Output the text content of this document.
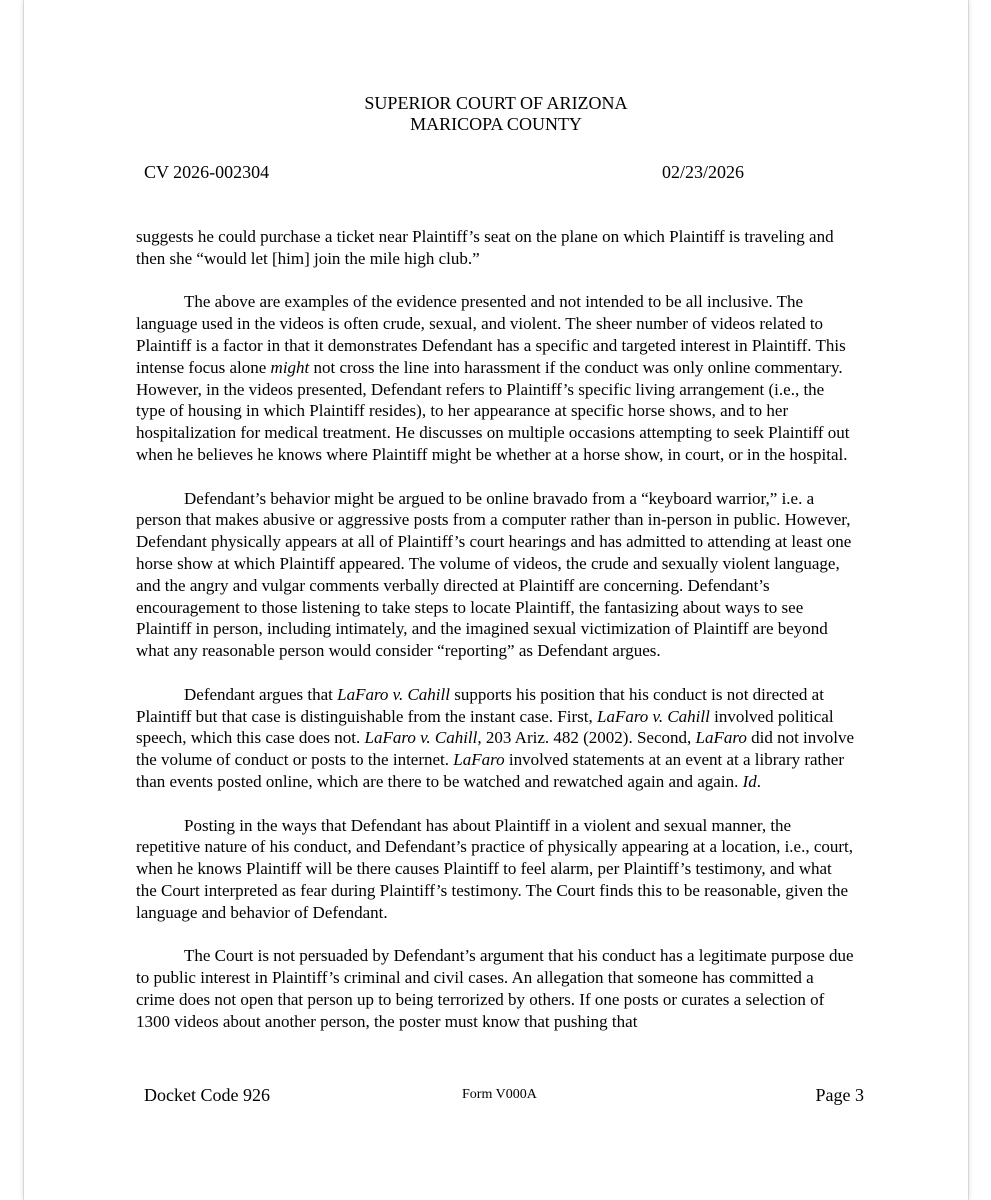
SUPERIOR COURT OF ARIZONA
MARICOPA COUNTY
CV 2026-002304	02/23/2026

suggests he could purchase a ticket near Plaintiff’s seat on the plane on which Plaintiff is traveling and then she “would let [him] join the mile high club.”

The above are examples of the evidence presented and not intended to be all inclusive. The language used in the videos is often crude, sexual, and violent. The sheer number of videos related to Plaintiff is a factor in that it demonstrates Defendant has a specific and targeted interest in Plaintiff. This intense focus alone might not cross the line into harassment if the conduct was only online commentary. However, in the videos presented, Defendant refers to Plaintiff’s specific living arrangement (i.e., the type of housing in which Plaintiff resides), to her appearance at specific horse shows, and to her hospitalization for medical treatment. He discusses on multiple occasions attempting to seek Plaintiff out when he believes he knows where Plaintiff might be whether at a horse show, in court, or in the hospital.

Defendant’s behavior might be argued to be online bravado from a “keyboard warrior,” i.e. a person that makes abusive or aggressive posts from a computer rather than in-person in public. However, Defendant physically appears at all of Plaintiff’s court hearings and has admitted to attending at least one horse show at which Plaintiff appeared. The volume of videos, the crude and sexually violent language, and the angry and vulgar comments verbally directed at Plaintiff are concerning. Defendant’s encouragement to those listening to take steps to locate Plaintiff, the fantasizing about ways to see Plaintiff in person, including intimately, and the imagined sexual victimization of Plaintiff are beyond what any reasonable person would consider “reporting” as Defendant argues.

Defendant argues that LaFaro v. Cahill supports his position that his conduct is not directed at Plaintiff but that case is distinguishable from the instant case. First, LaFaro v. Cahill involved political speech, which this case does not. LaFaro v. Cahill, 203 Ariz. 482 (2002). Second, LaFaro did not involve the volume of conduct or posts to the internet. LaFaro involved statements at an event at a library rather than events posted online, which are there to be watched and rewatched again and again. Id.

Posting in the ways that Defendant has about Plaintiff in a violent and sexual manner, the repetitive nature of his conduct, and Defendant’s practice of physically appearing at a location, i.e., court, when he knows Plaintiff will be there causes Plaintiff to feel alarm, per Plaintiff’s testimony, and what the Court interpreted as fear during Plaintiff’s testimony. The Court finds this to be reasonable, given the language and behavior of Defendant.

The Court is not persuaded by Defendant’s argument that his conduct has a legitimate purpose due to public interest in Plaintiff’s criminal and civil cases. An allegation that someone has committed a crime does not open that person up to being terrorized by others. If one posts or curates a selection of 1300 videos about another person, the poster must know that pushing that

Docket Code 926	Form V000A	Page 3
